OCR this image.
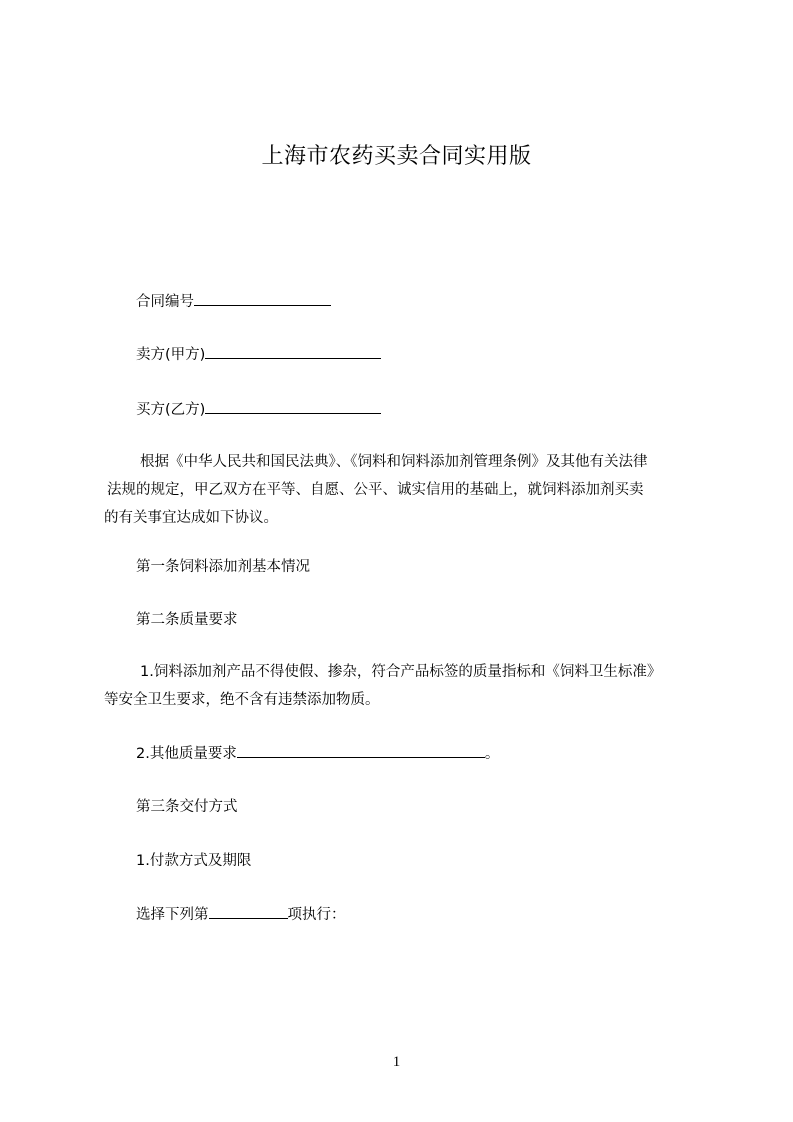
上海市农药买卖合同实用版
合同编号
卖方(甲方)
买方(乙方)
根据《中华人民共和国民法典》、《饲料和饲料添加剂管理条例》及其他有关法律
法规的规定，甲乙双方在平等、自愿、公平、诚实信用的基础上，就饲料添加剂买卖
的有关事宜达成如下协议。
第一条饲料添加剂基本情况
第二条质量要求
1.饲料添加剂产品不得使假、掺杂，符合产品标签的质量指标和《饲料卫生标准》
等安全卫生要求，绝不含有违禁添加物质。
2.其他质量要求	。
第三条交付方式
1.付款方式及期限
选择下列第	项执行：
1
